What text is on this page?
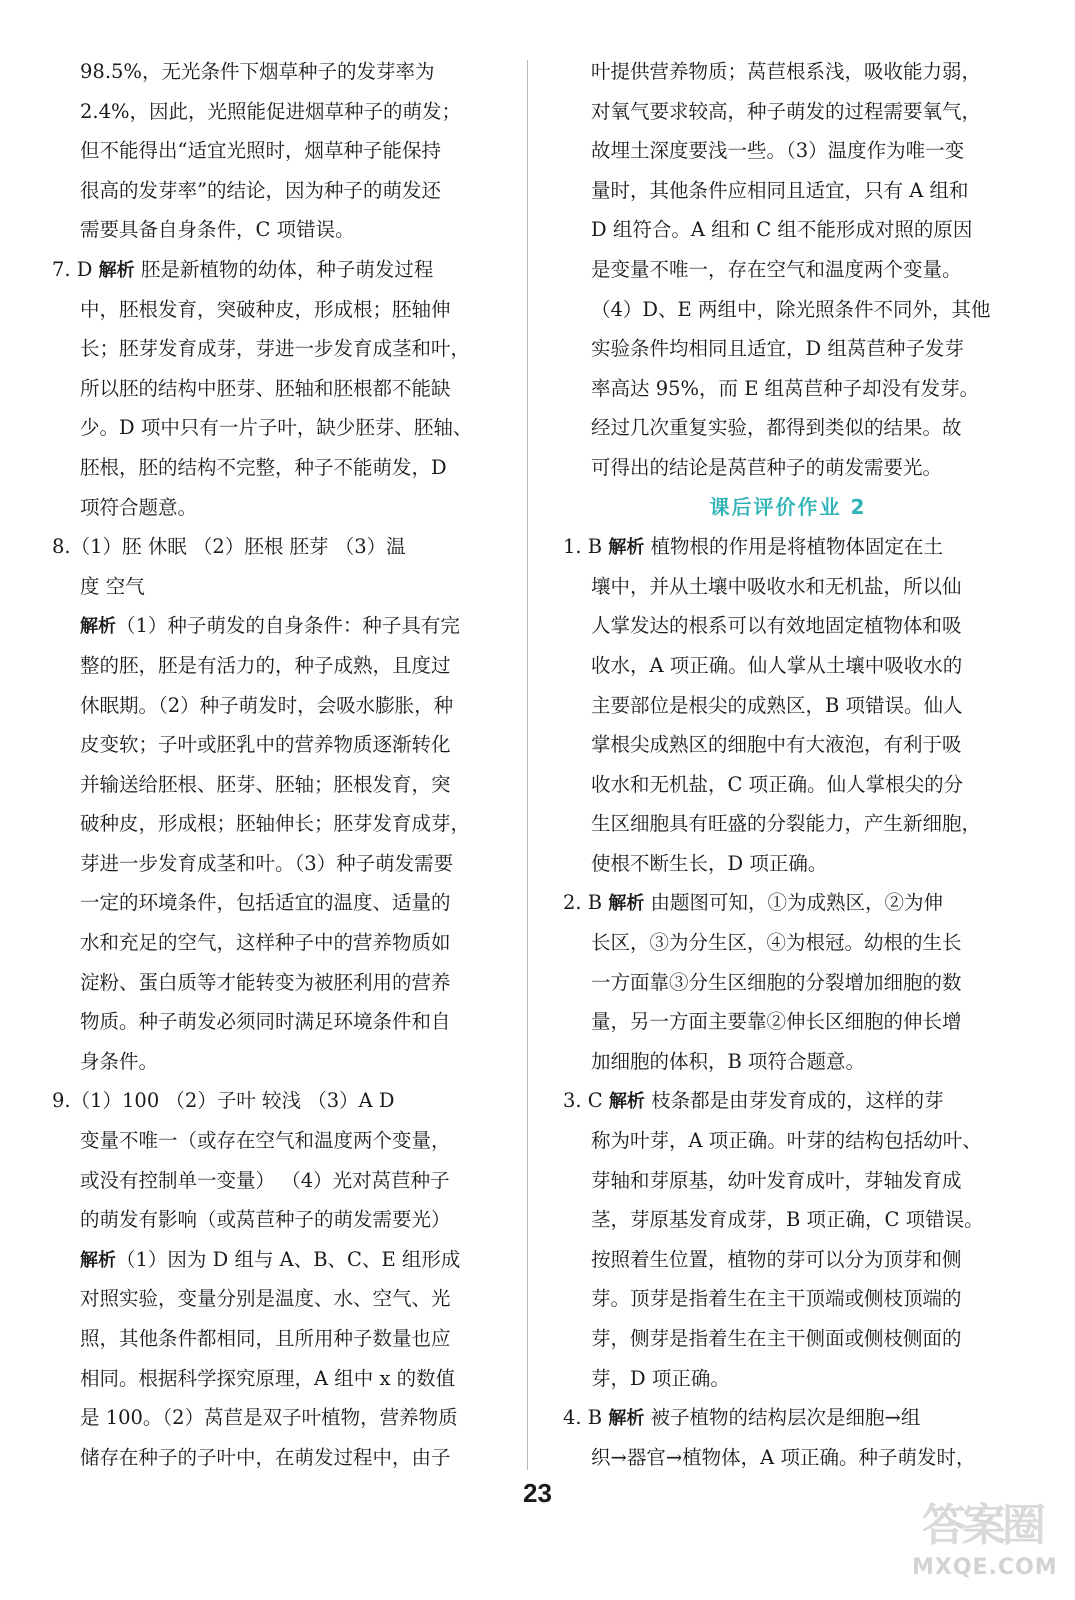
98.5%，无光条件下烟草种子的发芽率为
2.4%，因此，光照能促进烟草种子的萌发；
但不能得出“适宜光照时，烟草种子能保持
很高的发芽率”的结论，因为种子的萌发还
需要具备自身条件，C 项错误。
7. D 解析 胚是新植物的幼体，种子萌发过程
中，胚根发育，突破种皮，形成根；胚轴伸
长；胚芽发育成芽，芽进一步发育成茎和叶，
所以胚的结构中胚芽、胚轴和胚根都不能缺
少。D 项中只有一片子叶，缺少胚芽、胚轴、
胚根，胚的结构不完整，种子不能萌发，D
项符合题意。
8.（1）胚 休眠 （2）胚根 胚芽 （3）温
度 空气
解析（1）种子萌发的自身条件：种子具有完
整的胚，胚是有活力的，种子成熟，且度过
休眠期。（2）种子萌发时，会吸水膨胀，种
皮变软；子叶或胚乳中的营养物质逐渐转化
并输送给胚根、胚芽、胚轴；胚根发育，突
破种皮，形成根；胚轴伸长；胚芽发育成芽，
芽进一步发育成茎和叶。（3）种子萌发需要
一定的环境条件，包括适宜的温度、适量的
水和充足的空气，这样种子中的营养物质如
淀粉、蛋白质等才能转变为被胚利用的营养
物质。种子萌发必须同时满足环境条件和自
身条件。
9.（1）100 （2）子叶 较浅 （3）A D
变量不唯一（或存在空气和温度两个变量，
或没有控制单一变量） （4）光对莴苣种子
的萌发有影响（或莴苣种子的萌发需要光）
解析（1）因为 D 组与 A、B、C、E 组形成
对照实验，变量分别是温度、水、空气、光
照，其他条件都相同，且所用种子数量也应
相同。根据科学探究原理，A 组中 x 的数值
是 100。（2）莴苣是双子叶植物，营养物质
储存在种子的子叶中，在萌发过程中，由子
叶提供营养物质；莴苣根系浅，吸收能力弱，
对氧气要求较高，种子萌发的过程需要氧气，
故埋土深度要浅一些。（3）温度作为唯一变
量时，其他条件应相同且适宜，只有 A 组和
D 组符合。A 组和 C 组不能形成对照的原因
是变量不唯一，存在空气和温度两个变量。
（4）D、E 两组中，除光照条件不同外，其他
实验条件均相同且适宜，D 组莴苣种子发芽
率高达 95%，而 E 组莴苣种子却没有发芽。
经过几次重复实验，都得到类似的结果。故
可得出的结论是莴苣种子的萌发需要光。
课后评价作业 2
1. B 解析 植物根的作用是将植物体固定在土
壤中，并从土壤中吸收水和无机盐，所以仙
人掌发达的根系可以有效地固定植物体和吸
收水，A 项正确。仙人掌从土壤中吸收水的
主要部位是根尖的成熟区，B 项错误。仙人
掌根尖成熟区的细胞中有大液泡，有利于吸
收水和无机盐，C 项正确。仙人掌根尖的分
生区细胞具有旺盛的分裂能力，产生新细胞，
使根不断生长，D 项正确。
2. B 解析 由题图可知，①为成熟区，②为伸
长区，③为分生区，④为根冠。幼根的生长
一方面靠③分生区细胞的分裂增加细胞的数
量，另一方面主要靠②伸长区细胞的伸长增
加细胞的体积，B 项符合题意。
3. C 解析 枝条都是由芽发育成的，这样的芽
称为叶芽，A 项正确。叶芽的结构包括幼叶、
芽轴和芽原基，幼叶发育成叶，芽轴发育成
茎，芽原基发育成芽，B 项正确，C 项错误。
按照着生位置，植物的芽可以分为顶芽和侧
芽。顶芽是指着生在主干顶端或侧枝顶端的
芽，侧芽是指着生在主干侧面或侧枝侧面的
芽，D 项正确。
4. B 解析 被子植物的结构层次是细胞→组
织→器官→植物体，A 项正确。种子萌发时，
23
答案圈
MXQE.COM
